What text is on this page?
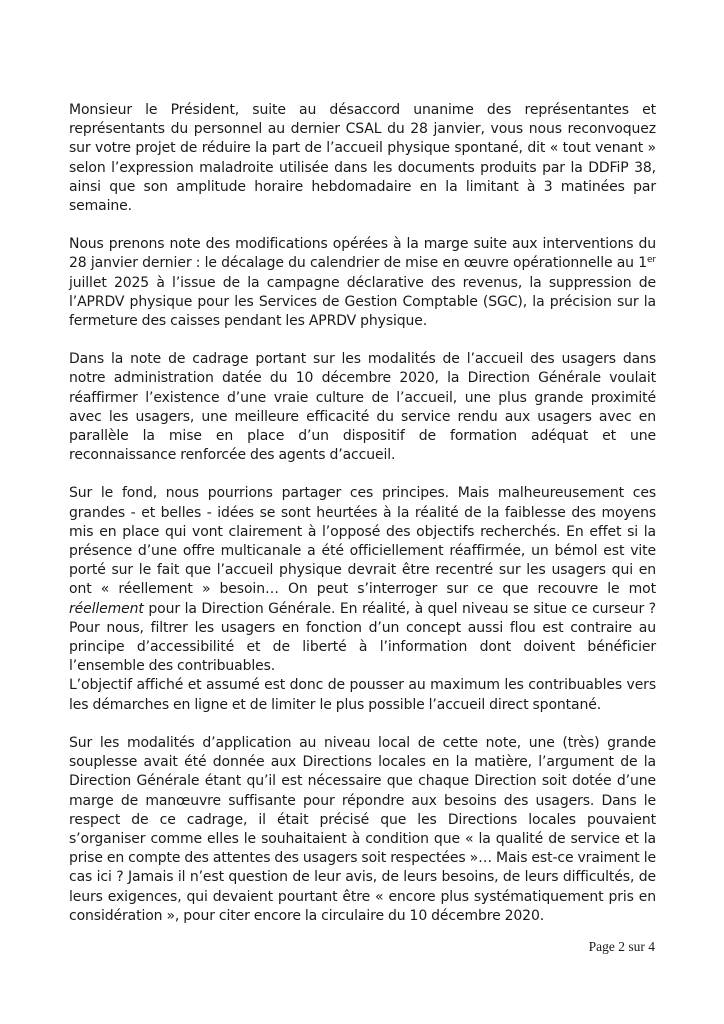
Monsieur le Président, suite au désaccord unanime des représentantes et représentants du personnel au dernier CSAL du 28 janvier, vous nous reconvoquez sur votre projet de réduire la part de l’accueil physique spontané, dit « tout venant » selon l’expression maladroite utilisée dans les documents produits par la DDFiP 38, ainsi que son amplitude horaire hebdomadaire en la limitant à 3 matinées par semaine.

Nous prenons note des modifications opérées à la marge suite aux interventions du 28 janvier dernier : le décalage du calendrier de mise en œuvre opérationnelle au 1er juillet 2025 à l’issue de la campagne déclarative des revenus, la suppression de l’APRDV physique pour les Services de Gestion Comptable (SGC), la précision sur la fermeture des caisses pendant les APRDV physique.

Dans la note de cadrage portant sur les modalités de l’accueil des usagers dans notre administration datée du 10 décembre 2020, la Direction Générale voulait réaffirmer l’existence d’une vraie culture de l’accueil, une plus grande proximité avec les usagers, une meilleure efficacité du service rendu aux usagers avec en parallèle la mise en place d’un dispositif de formation adéquat et une reconnaissance renforcée des agents d’accueil.

Sur le fond, nous pourrions partager ces principes. Mais malheureusement ces grandes - et belles - idées se sont heurtées à la réalité de la faiblesse des moyens mis en place qui vont clairement à l’opposé des objectifs recherchés. En effet si la présence d’une offre multicanale a été officiellement réaffirmée, un bémol est vite porté sur le fait que l’accueil physique devrait être recentré sur les usagers qui en ont « réellement » besoin… On peut s’interroger sur ce que recouvre le mot réellement pour la Direction Générale. En réalité, à quel niveau se situe ce curseur ? Pour nous, filtrer les usagers en fonction d’un concept aussi flou est contraire au principe d’accessibilité et de liberté à l’information dont doivent bénéficier l’ensemble des contribuables.

L’objectif affiché et assumé est donc de pousser au maximum les contribuables vers les démarches en ligne et de limiter le plus possible l’accueil direct spontané.

Sur les modalités d’application au niveau local de cette note, une (très) grande souplesse avait été donnée aux Directions locales en la matière, l’argument de la Direction Générale étant qu’il est nécessaire que chaque Direction soit dotée d’une marge de manœuvre suffisante pour répondre aux besoins des usagers. Dans le respect de ce cadrage, il était précisé que les Directions locales pouvaient s’organiser comme elles le souhaitaient à condition que « la qualité de service et la prise en compte des attentes des usagers soit respectées »… Mais est-ce vraiment le cas ici ? Jamais il n’est question de leur avis, de leurs besoins, de leurs difficultés, de leurs exigences, qui devaient pourtant être « encore plus systématiquement pris en considération », pour citer encore la circulaire du 10 décembre 2020.

Page 2 sur 4
